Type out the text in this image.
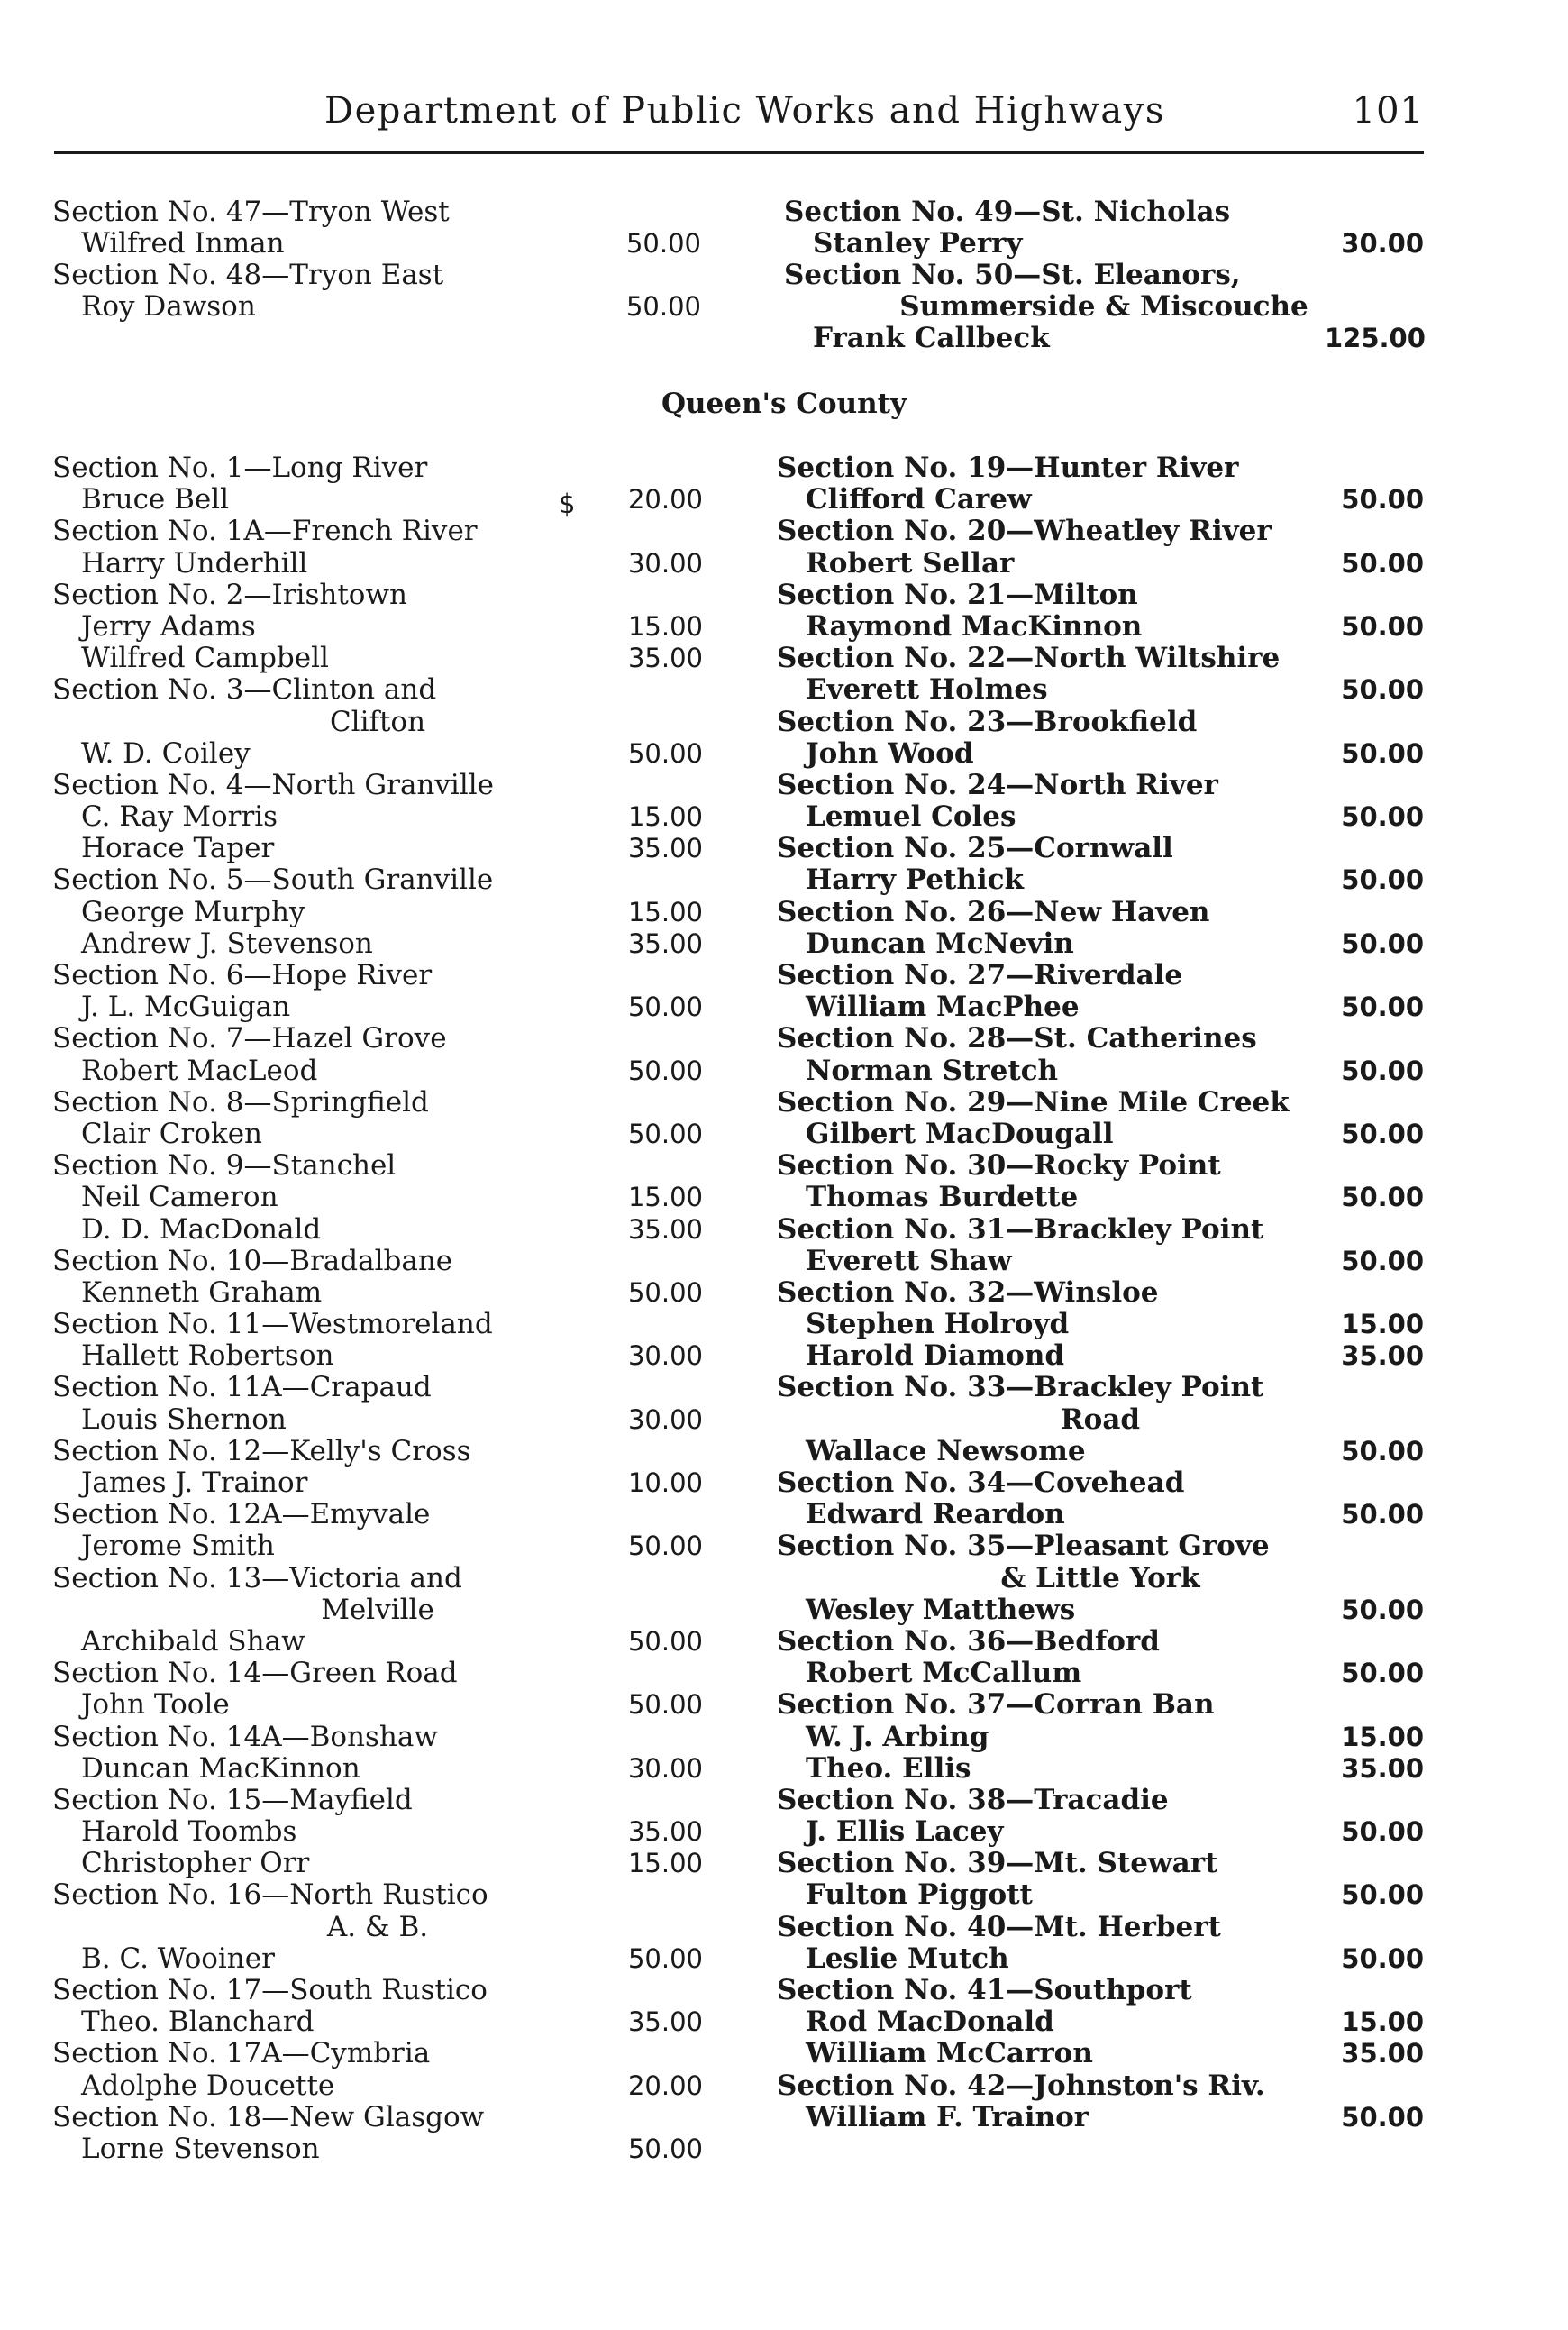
Department of Public Works and Highways	101
Section No. 47—Tryon West
Wilfred Inman	50.00
Section No. 48—Tryon East
Roy Dawson	50.00
Section No. 49—St. Nicholas
Stanley Perry	30.00
Section No. 50—St. Eleanors,
Summerside & Miscouche
Frank Callbeck	125.00
Queen's County
Section No. 1—Long River
Bruce Bell	20.00
Section No. 1A—French River
Harry Underhill	30.00
Section No. 2—Irishtown
Jerry Adams	15.00
Wilfred Campbell	35.00
Section No. 3—Clinton and
Clifton
W. D. Coiley	50.00
Section No. 4—North Granville
C. Ray Morris	15.00
Horace Taper	35.00
Section No. 5—South Granville
George Murphy	15.00
Andrew J. Stevenson	35.00
Section No. 6—Hope River
J. L. McGuigan	50.00
Section No. 7—Hazel Grove
Robert MacLeod	50.00
Section No. 8—Springfield
Clair Croken	50.00
Section No. 9—Stanchel
Neil Cameron	15.00
D. D. MacDonald	35.00
Section No. 10—Bradalbane
Kenneth Graham	50.00
Section No. 11—Westmoreland
Hallett Robertson	30.00
Section No. 11A—Crapaud
Louis Shernon	30.00
Section No. 12—Kelly's Cross
James J. Trainor	10.00
Section No. 12A—Emyvale
Jerome Smith	50.00
Section No. 13—Victoria and
Melville
Archibald Shaw	50.00
Section No. 14—Green Road
John Toole	50.00
Section No. 14A—Bonshaw
Duncan MacKinnon	30.00
Section No. 15—Mayfield
Harold Toombs	35.00
Christopher Orr	15.00
Section No. 16—North Rustico
A. & B.
B. C. Wooiner	50.00
Section No. 17—South Rustico
Theo. Blanchard	35.00
Section No. 17A—Cymbria
Adolphe Doucette	20.00
Section No. 18—New Glasgow
Lorne Stevenson	50.00
$
Section No. 19—Hunter River
Clifford Carew	50.00
Section No. 20—Wheatley River
Robert Sellar	50.00
Section No. 21—Milton
Raymond MacKinnon	50.00
Section No. 22—North Wiltshire
Everett Holmes	50.00
Section No. 23—Brookfield
John Wood	50.00
Section No. 24—North River
Lemuel Coles	50.00
Section No. 25—Cornwall
Harry Pethick	50.00
Section No. 26—New Haven
Duncan McNevin	50.00
Section No. 27—Riverdale
William MacPhee	50.00
Section No. 28—St. Catherines
Norman Stretch	50.00
Section No. 29—Nine Mile Creek
Gilbert MacDougall	50.00
Section No. 30—Rocky Point
Thomas Burdette	50.00
Section No. 31—Brackley Point
Everett Shaw	50.00
Section No. 32—Winsloe
Stephen Holroyd	15.00
Harold Diamond	35.00
Section No. 33—Brackley Point
Road
Wallace Newsome	50.00
Section No. 34—Covehead
Edward Reardon	50.00
Section No. 35—Pleasant Grove
& Little York
Wesley Matthews	50.00
Section No. 36—Bedford
Robert McCallum	50.00
Section No. 37—Corran Ban
W. J. Arbing	15.00
Theo. Ellis	35.00
Section No. 38—Tracadie
J. Ellis Lacey	50.00
Section No. 39—Mt. Stewart
Fulton Piggott	50.00
Section No. 40—Mt. Herbert
Leslie Mutch	50.00
Section No. 41—Southport
Rod MacDonald	15.00
William McCarron	35.00
Section No. 42—Johnston's Riv.
William F. Trainor	50.00
